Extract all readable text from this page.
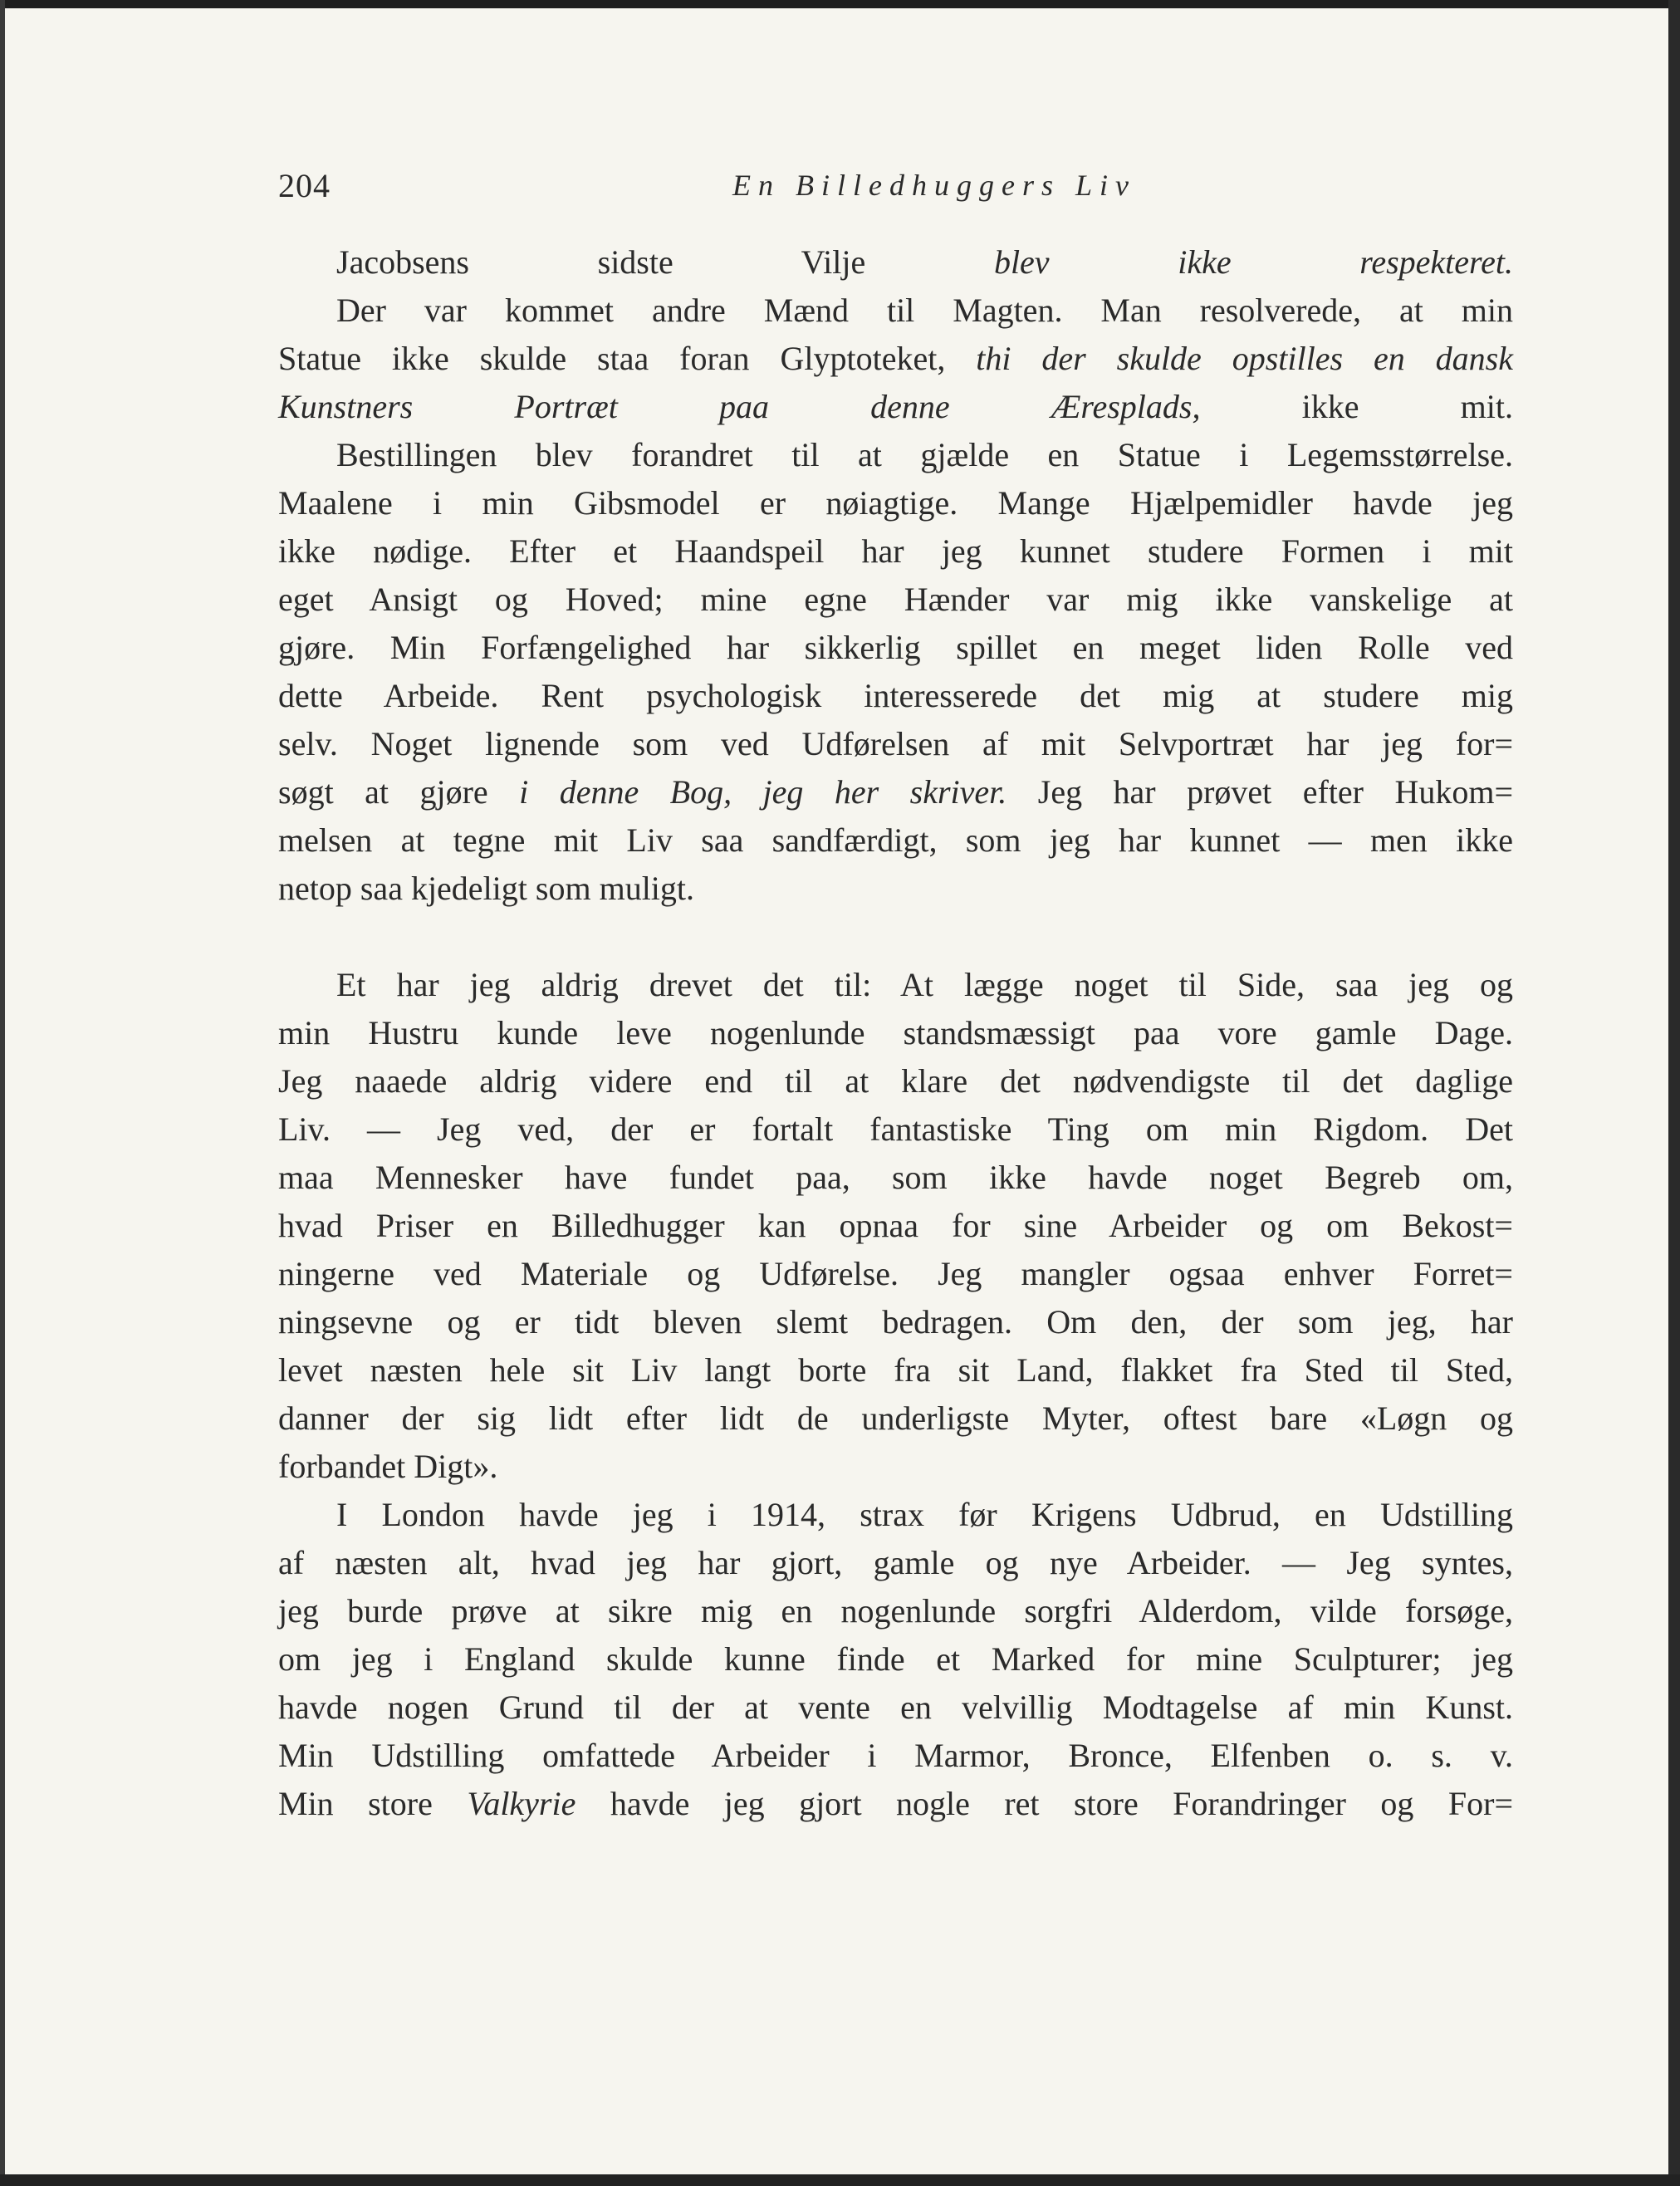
204	En Billedhuggers Liv

Jacobsens sidste Vilje blev ikke respekteret.

Der var kommet andre Mænd til Magten. Man resolverede, at min

Statue ikke skulde staa foran Glyptoteket, thi der skulde opstilles en dansk

Kunstners Portræt paa denne Æresplads, ikke mit.

Bestillingen blev forandret til at gjælde en Statue i Legemsstørrelse.

Maalene i min Gibsmodel er nøiagtige. Mange Hjælpemidler havde jeg

ikke nødige. Efter et Haandspeil har jeg kunnet studere Formen i mit

eget Ansigt og Hoved; mine egne Hænder var mig ikke vanskelige at

gjøre. Min Forfængelighed har sikkerlig spillet en meget liden Rolle ved

dette Arbeide. Rent psychologisk interesserede det mig at studere mig

selv. Noget lignende som ved Udførelsen af mit Selvportræt har jeg for=

søgt at gjøre i denne Bog, jeg her skriver. Jeg har prøvet efter Hukom=

melsen at tegne mit Liv saa sandfærdigt, som jeg har kunnet — men ikke

netop saa kjedeligt som muligt.

Et har jeg aldrig drevet det til: At lægge noget til Side, saa jeg og

min Hustru kunde leve nogenlunde standsmæssigt paa vore gamle Dage.

Jeg naaede aldrig videre end til at klare det nødvendigste til det daglige

Liv. — Jeg ved, der er fortalt fantastiske Ting om min Rigdom. Det

maa Mennesker have fundet paa, som ikke havde noget Begreb om,

hvad Priser en Billedhugger kan opnaa for sine Arbeider og om Bekost=

ningerne ved Materiale og Udførelse. Jeg mangler ogsaa enhver Forret=

ningsevne og er tidt bleven slemt bedragen. Om den, der som jeg, har

levet næsten hele sit Liv langt borte fra sit Land, flakket fra Sted til Sted,

danner der sig lidt efter lidt de underligste Myter, oftest bare «Løgn og

forbandet Digt».

I London havde jeg i 1914, strax før Krigens Udbrud, en Udstilling

af næsten alt, hvad jeg har gjort, gamle og nye Arbeider. — Jeg syntes,

jeg burde prøve at sikre mig en nogenlunde sorgfri Alderdom, vilde forsøge,

om jeg i England skulde kunne finde et Marked for mine Sculpturer; jeg

havde nogen Grund til der at vente en velvillig Modtagelse af min Kunst.

Min Udstilling omfattede Arbeider i Marmor, Bronce, Elfenben o. s. v.

Min store Valkyrie havde jeg gjort nogle ret store Forandringer og For=
